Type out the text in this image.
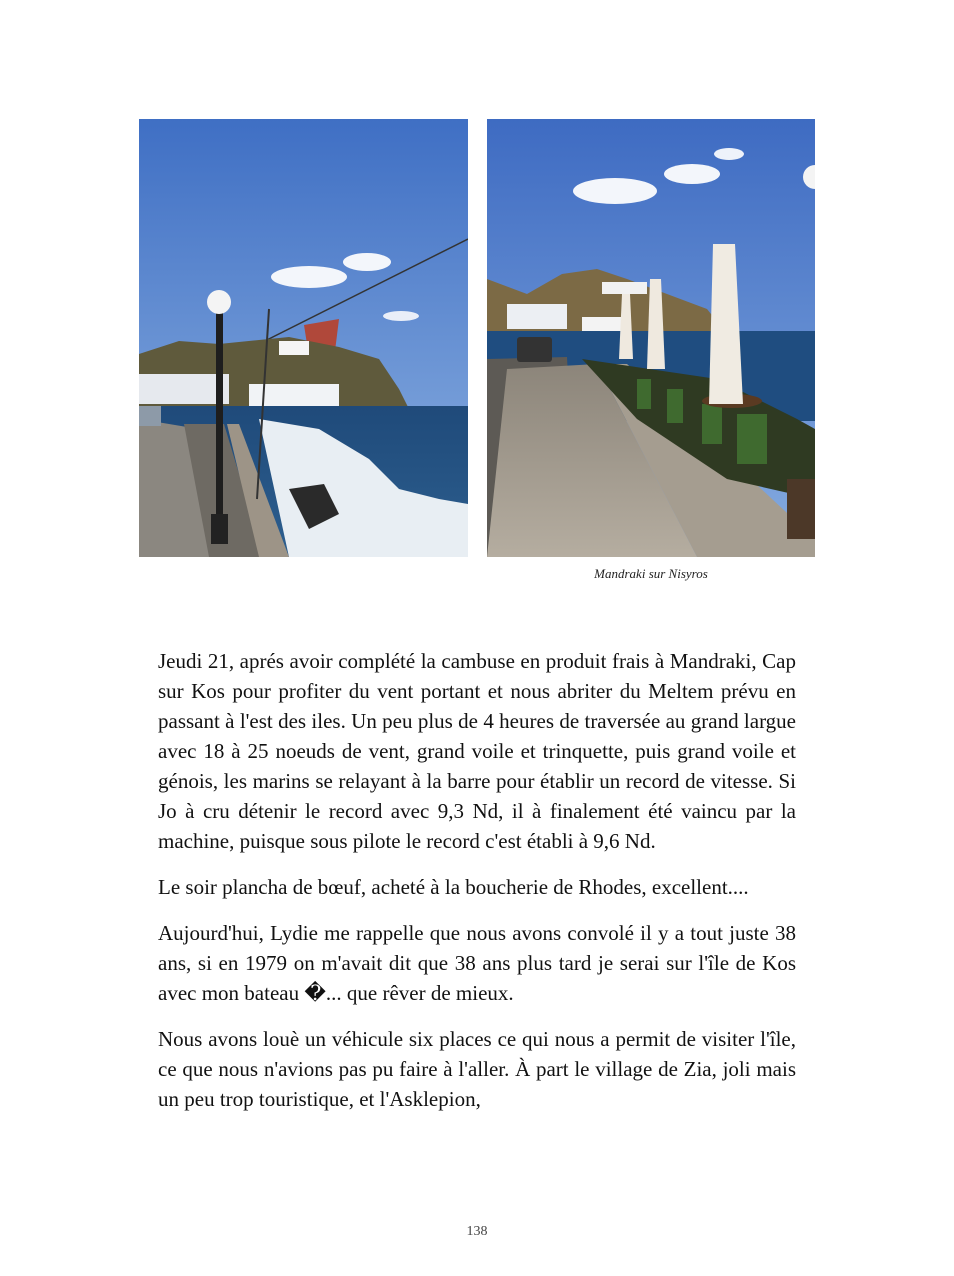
Mandraki sur Nisyros

Jeudi 21, aprés avoir complété la cambuse en produit frais à Mandraki, Cap sur Kos pour profiter du vent portant et nous abriter du Meltem prévu en passant à l'est des iles. Un peu plus de 4 heures de traversée au grand largue avec 18 à 25 noeuds de vent, grand voile et trinquette, puis grand voile et génois, les marins se relayant à la barre pour établir un record de vitesse. Si Jo à cru détenir le record avec 9,3 Nd, il à finalement été vaincu par la machine, puisque sous pilote le record c'est établi à 9,6 Nd.

Le soir plancha de bœuf, acheté à la boucherie de Rhodes, excellent....

Aujourd'hui, Lydie me rappelle que nous avons convolé il y a tout juste 38 ans, si en 1979 on m'avait dit que 38 ans plus tard je serai sur l'île de Kos avec mon bateau �... que rêver de mieux.

Nous avons louè un véhicule six places ce qui nous a permit de visiter l'île, ce que nous n'avions pas pu faire à l'aller. À part le village de Zia, joli mais un peu trop touristique, et l'Asklepion,

138
